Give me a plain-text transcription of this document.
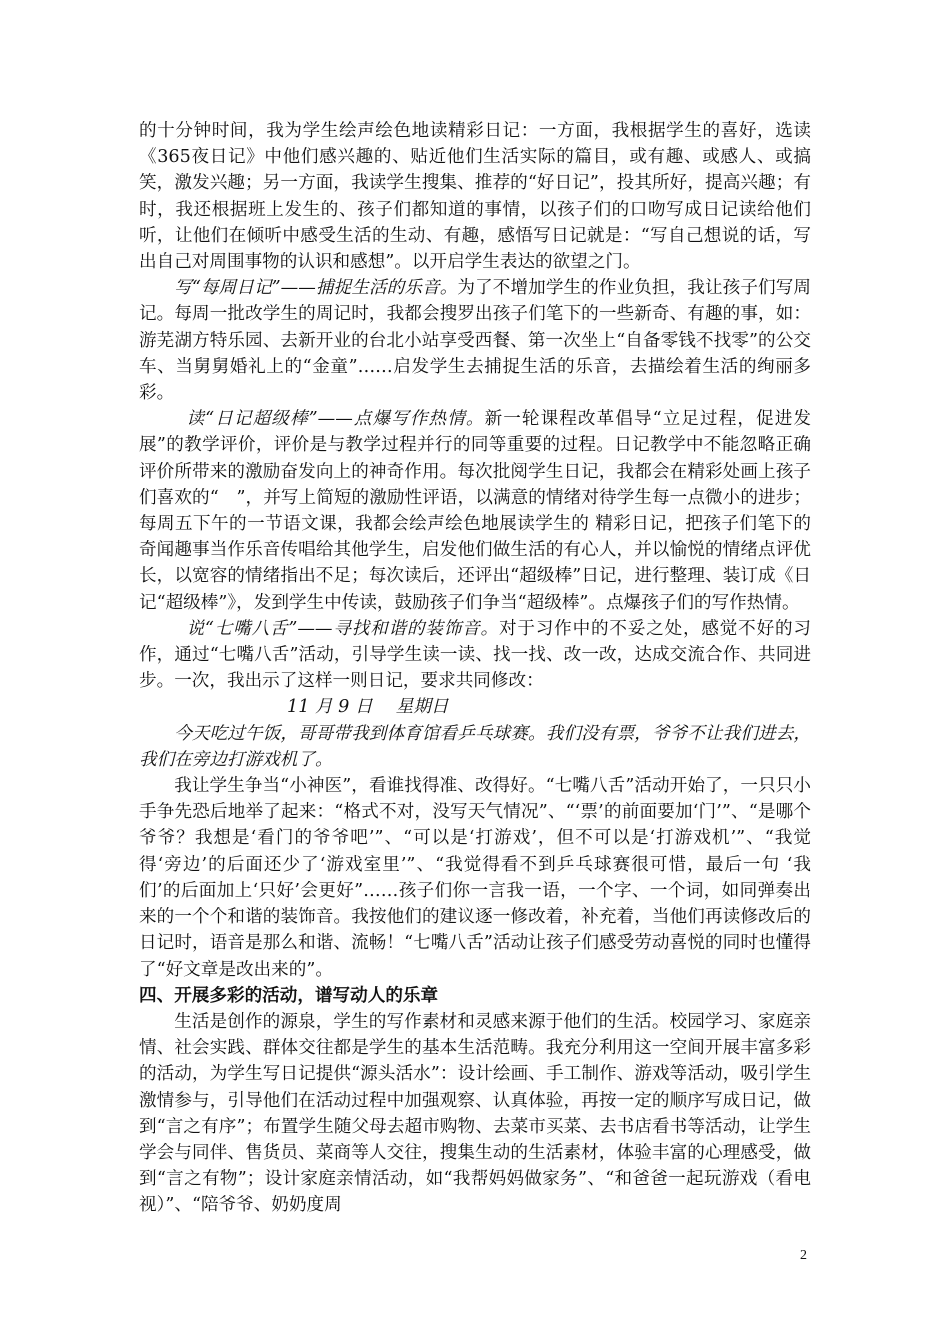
的十分钟时间，我为学生绘声绘色地读精彩日记：一方面，我根据学生的喜好，选读《365夜日记》中他们感兴趣的、贴近他们生活实际的篇目，或有趣、或感人、或搞笑，激发兴趣；另一方面，我读学生搜集、推荐的“好日记”，投其所好，提高兴趣；有时，我还根据班上发生的、孩子们都知道的事情，以孩子们的口吻写成日记读给他们听，让他们在倾听中感受生活的生动、有趣，感悟写日记就是：“写自己想说的话，写出自己对周围事物的认识和感想”。以开启学生表达的欲望之门。

写“每周日记”——捕捉生活的乐音。为了不增加学生的作业负担，我让孩子们写周记。每周一批改学生的周记时，我都会搜罗出孩子们笔下的一些新奇、有趣的事，如：游芜湖方特乐园、去新开业的台北小站享受西餐、第一次坐上“自备零钱不找零”的公交车、当舅舅婚礼上的“金童”……启发学生去捕捉生活的乐音，去描绘着生活的绚丽多彩。

读“日记超级棒”——点爆写作热情。新一轮课程改革倡导“立足过程，促进发展”的教学评价，评价是与教学过程并行的同等重要的过程。日记教学中不能忽略正确评价所带来的激励奋发向上的神奇作用。每次批阅学生日记，我都会在精彩处画上孩子们喜欢的“　”，并写上简短的激励性评语，以满意的情绪对待学生每一点微小的进步；每周五下午的一节语文课，我都会绘声绘色地展读学生的 精彩日记，把孩子们笔下的奇闻趣事当作乐音传唱给其他学生，启发他们做生活的有心人，并以愉悦的情绪点评优长，以宽容的情绪指出不足；每次读后，还评出“超级棒”日记，进行整理、装订成《日记“超级棒”》，发到学生中传读，鼓励孩子们争当“超级棒”。点爆孩子们的写作热情。

说“七嘴八舌”——寻找和谐的装饰音。对于习作中的不妥之处，感觉不好的习作，通过“七嘴八舌”活动，引导学生读一读、找一找、改一改，达成交流合作、共同进步。一次，我出示了这样一则日记，要求共同修改：

11 月 9 日　 星期日

今天吃过午饭，哥哥带我到体育馆看乒乓球赛。我们没有票，爷爷不让我们进去，我们在旁边打游戏机了。

我让学生争当“小神医”，看谁找得准、改得好。“七嘴八舌”活动开始了，一只只小手争先恐后地举了起来：“格式不对，没写天气情况”、“‘票’的前面要加‘门’”、“是哪个爷爷？我想是‘看门的爷爷吧’”、“可以是‘打游戏’，但不可以是‘打游戏机’”、“我觉得‘旁边’的后面还少了‘游戏室里’”、“我觉得看不到乒乓球赛很可惜，最后一句 ‘我们’的后面加上‘只好’会更好”……孩子们你一言我一语，一个字、一个词，如同弹奏出来的一个个和谐的装饰音。我按他们的建议逐一修改着，补充着，当他们再读修改后的日记时，语音是那么和谐、流畅！“七嘴八舌”活动让孩子们感受劳动喜悦的同时也懂得了“好文章是改出来的”。

四、开展多彩的活动，谱写动人的乐章

生活是创作的源泉，学生的写作素材和灵感来源于他们的生活。校园学习、家庭亲情、社会实践、群体交往都是学生的基本生活范畴。我充分利用这一空间开展丰富多彩的活动，为学生写日记提供“源头活水”：设计绘画、手工制作、游戏等活动，吸引学生激情参与，引导他们在活动过程中加强观察、认真体验，再按一定的顺序写成日记，做到“言之有序”；布置学生随父母去超市购物、去菜市买菜、去书店看书等活动，让学生学会与同伴、售货员、菜商等人交往，搜集生动的生活素材，体验丰富的心理感受，做到“言之有物”；设计家庭亲情活动，如“我帮妈妈做家务”、“和爸爸一起玩游戏（看电视）”、“陪爷爷、奶奶度周

2
